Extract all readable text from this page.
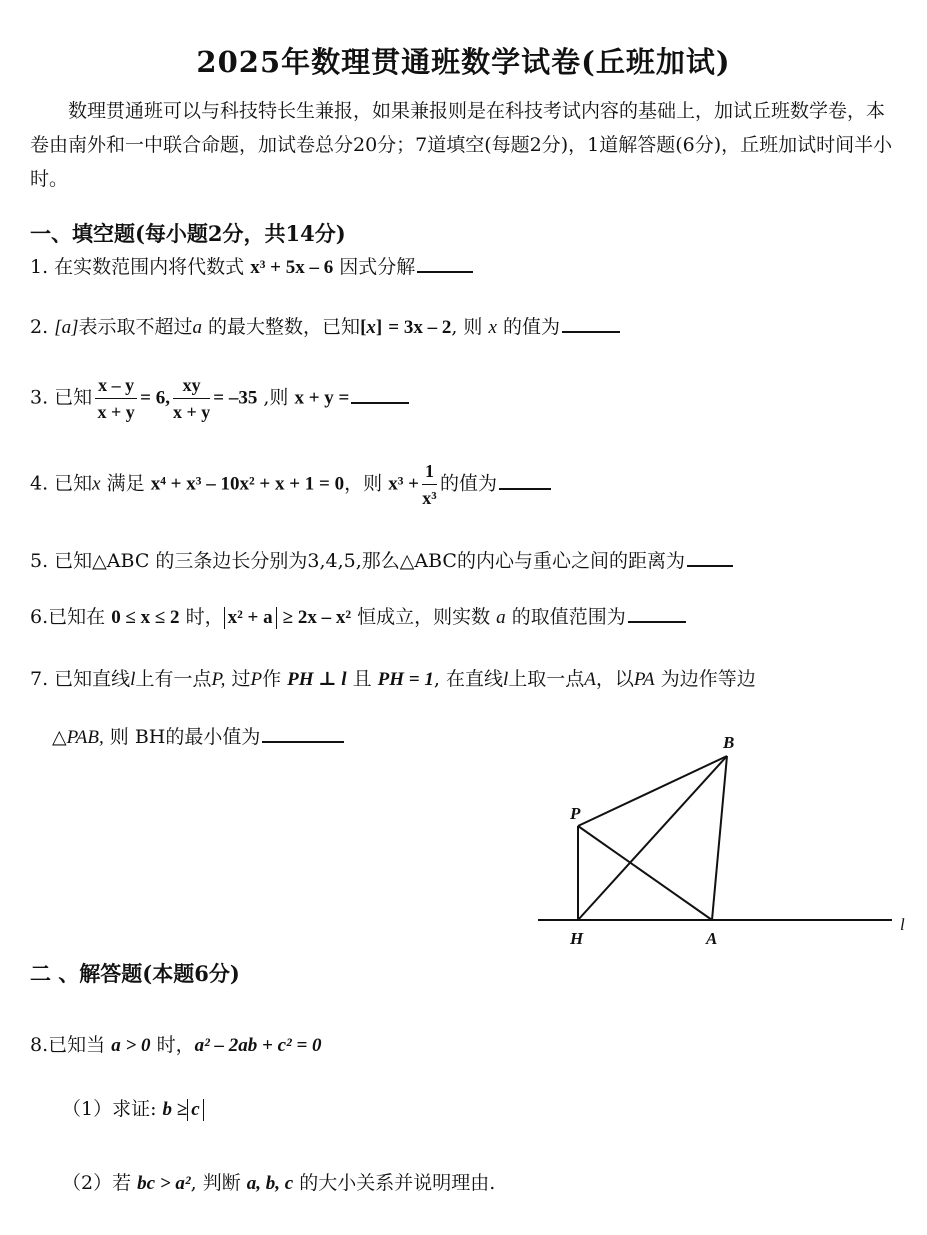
2025年数理贯通班数学试卷(丘班加试)
数理贯通班可以与科技特长生兼报，如果兼报则是在科技考试内容的基础上，加试丘班数学卷，本卷由南外和一中联合命题，加试卷总分20分；7道填空(每题2分)，1道解答题(6分)，丘班加试时间半小时。
一、填空题(每小题2分，共14分)
1. 在实数范围内将代数式 x³ + 5x – 6 因式分解
2. [a]表示取不超过a 的最大整数，已知[x] = 3x – 2, 则 x 的值为
3. 已知 $\frac{x - y}{x + y} = 6$, $\frac{xy}{x + y} = -35$ ,则 x + y =
4. 已知x 满足 x⁴ + x³ – 10x² + x + 1 = 0，则 $x^3 + \frac{1}{\text{x³}}$ 的值为
5. 已知△ABC 的三条边长分别为3,4,5,那么△ABC的内心与重心之间的距离为
6.已知在 0 ≤ x ≤ 2 时， x² + a ≥ 2x – x² 恒成立，则实数 a 的取值范围为
7. 已知直线l上有一点P, 过P作 PH ⊥ l 且 PH = 1, 在直线l上取一点A，以PA 为边作等边
△PAB, 则 BH的最小值为	B
P
H	A
l
二 、解答题(本题6分)
8.已知当 a > 0 时，a² – 2ab + c² = 0
（1）求证: b ≥ c
（2）若 bc > a², 判断 a, b, c 的大小关系并说明理由.
